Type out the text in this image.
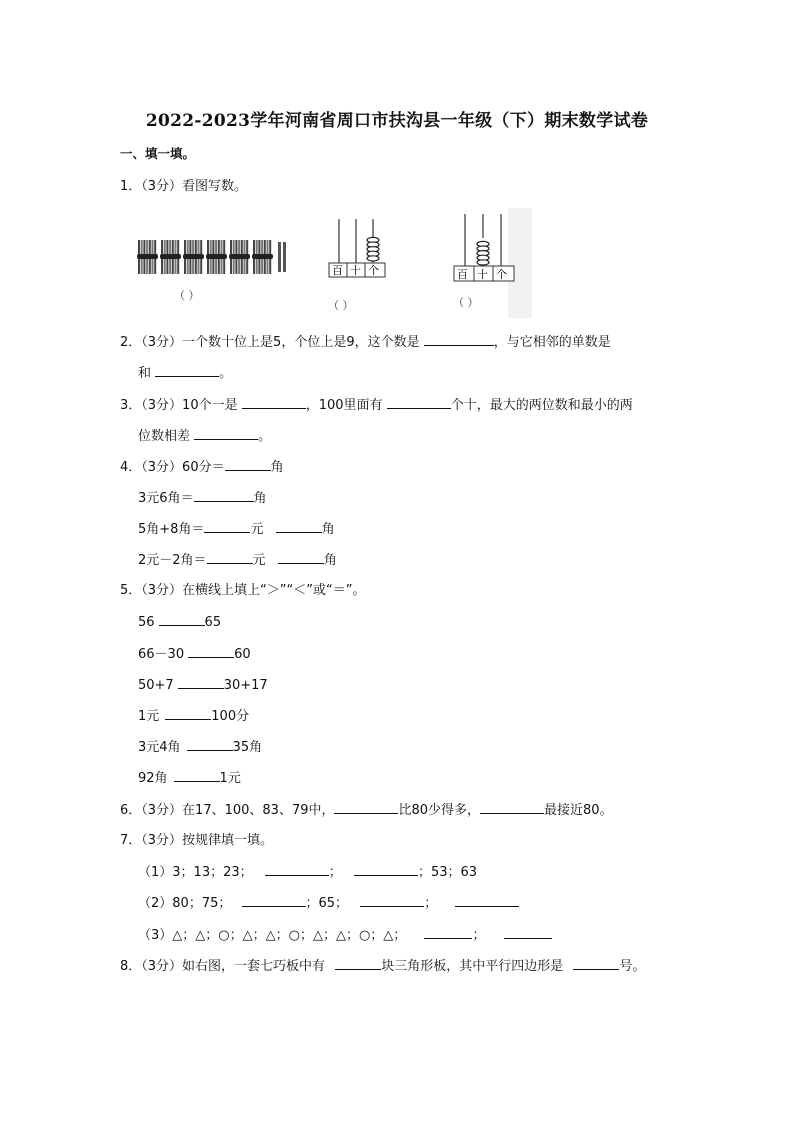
2022-2023学年河南省周口市扶沟县一年级（下）期末数学试卷
一、填一填。
1．（3分）看图写数。
（ ）
百 十 个
（ ）
百 十 个
（ ）
2．（3分）一个数十位上是5，个位上是9，这个数是	，与它相邻的单数是
和	。
3．（3分）10个一是	，100里面有	个十，最大的两位数和最小的两
位数相差	。
4．（3分）60分＝	角
3元6角＝	角
5角+8角＝	元	角
2元－2角＝	元	角
5．（3分）在横线上填上“＞”“＜”或“＝”。
56	65
66－30	60
50+7	30+17
1元	100分
3元4角	35角
92角	1元
6．（3分）在17、100、83、79中，	比80少得多，	最接近80。
7．（3分）按规律填一填。
（1）3；13；23；	；	；53；63
（2）80；75；	；65；	；
（3）△；△；○；△；△；○；△；△；○；△；	；
8．（3分）如右图，一套七巧板中有	块三角形板，其中平行四边形是	号。
